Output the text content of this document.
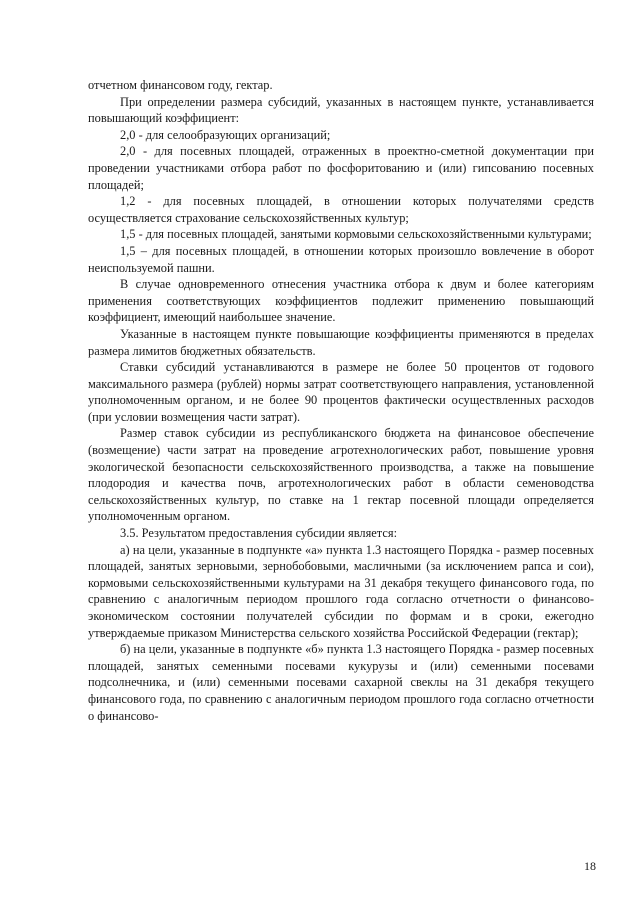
отчетном финансовом году, гектар.

При определении размера субсидий, указанных в настоящем пункте, устанавливается повышающий коэффициент:

2,0 - для селообразующих организаций;

2,0 - для посевных площадей, отраженных в проектно-сметной документации при проведении участниками отбора работ по фосфоритованию и (или) гипсованию посевных площадей;

1,2 - для посевных площадей, в отношении которых получателями средств осуществляется страхование сельскохозяйственных культур;

1,5 - для посевных площадей, занятыми кормовыми сельскохозяйственными культурами;

1,5 – для посевных площадей, в отношении которых произошло вовлечение в оборот неиспользуемой пашни.

В случае одновременного отнесения участника отбора к двум и более категориям применения соответствующих коэффициентов подлежит применению повышающий коэффициент, имеющий наибольшее значение.

Указанные в настоящем пункте повышающие коэффициенты применяются в пределах размера лимитов бюджетных обязательств.

Ставки субсидий устанавливаются в размере не более 50 процентов от годового максимального размера (рублей) нормы затрат соответствующего направления, установленной уполномоченным органом, и не более 90 процентов фактически осуществленных расходов (при условии возмещения части затрат).

Размер ставок субсидии из республиканского бюджета на финансовое обеспечение (возмещение) части затрат на проведение агротехнологических работ, повышение уровня экологической безопасности сельскохозяйственного производства, а также на повышение плодородия и качества почв, агротехнологических работ в области семеноводства сельскохозяйственных культур, по ставке на 1 гектар посевной площади определяется уполномоченным органом.

3.5. Результатом предоставления субсидии является:

а) на цели, указанные в подпункте «а» пункта 1.3 настоящего Порядка - размер посевных площадей, занятых зерновыми, зернобобовыми, масличными (за исключением рапса и сои), кормовыми сельскохозяйственными культурами на 31 декабря текущего финансового года, по сравнению с аналогичным периодом прошлого года согласно отчетности о финансово-экономическом состоянии получателей субсидии по формам и в сроки, ежегодно утверждаемые приказом Министерства сельского хозяйства Российской Федерации (гектар);

б) на цели, указанные в подпункте «б» пункта 1.3 настоящего Порядка - размер посевных площадей, занятых семенными посевами кукурузы и (или) семенными посевами подсолнечника, и (или) семенными посевами сахарной свеклы на 31 декабря текущего финансового года, по сравнению с аналогичным периодом прошлого года согласно отчетности о финансово-

18
